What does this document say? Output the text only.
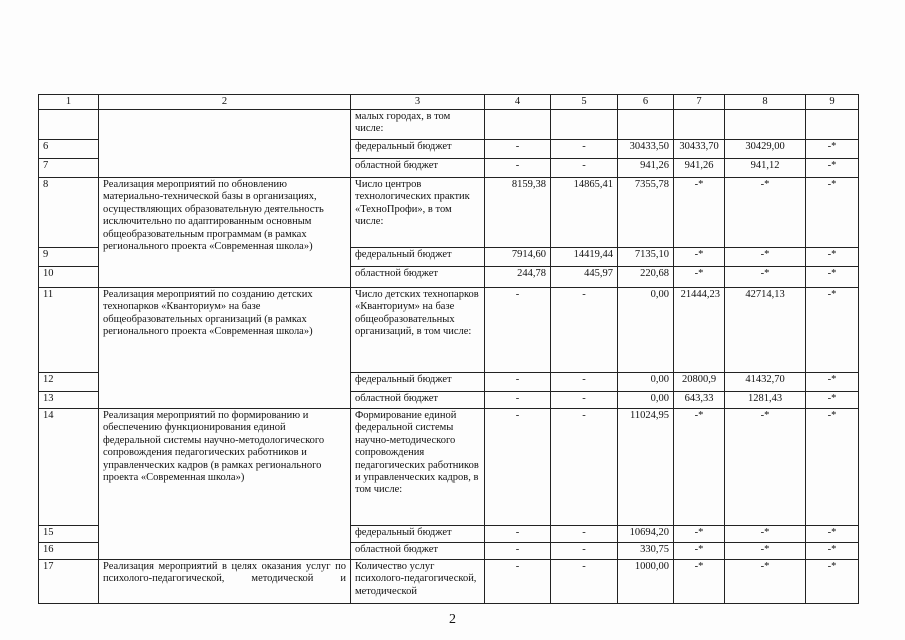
1	2	3	4	5	6	7	8	9
		малых городах, в том числе:						
6		федеральный бюджет	-	-	30433,50	30433,70	30429,00	-*
7		областной бюджет	-	-	941,26	941,26	941,12	-*
8	Реализация мероприятий по обновлению материально-технической базы в организациях, осуществляющих образовательную деятельность исключительно по адаптированным основным общеобразовательным программам (в рамках регионального проекта «Современная школа»)	Число центров технологических практик «ТехноПрофи», в том числе:	8159,38	14865,41	7355,78	-*	-*	-*
9		федеральный бюджет	7914,60	14419,44	7135,10	-*	-*	-*
10		областной бюджет	244,78	445,97	220,68	-*	-*	-*
11	Реализация мероприятий по созданию детских технопарков «Кванториум» на базе общеобразовательных организаций (в рамках регионального проекта «Современная школа»)	Число детских технопарков «Кванториум» на базе общеобразовательных организаций, в том числе:	-	-	0,00	21444,23	42714,13	-*
12		федеральный бюджет	-	-	0,00	20800,9	41432,70	-*
13		областной бюджет	-	-	0,00	643,33	1281,43	-*
14	Реализация мероприятий по формированию и обеспечению функционирования единой федеральной системы научно-методологического сопровождения педагогических работников и управленческих кадров (в рамках регионального проекта «Современная школа»)	Формирование единой федеральной системы научно-методического сопровождения педагогических работников и управленческих кадров, в том числе:	-	-	11024,95	-*	-*	-*
15		федеральный бюджет	-	-	10694,20	-*	-*	-*
16		областной бюджет	-	-	330,75	-*	-*	-*
17	Реализация мероприятий в целях оказания услуг по психолого-педагогической, методической и	Количество услуг психолого-педагогической, методической	-	-	1000,00	-*	-*	-*
2
